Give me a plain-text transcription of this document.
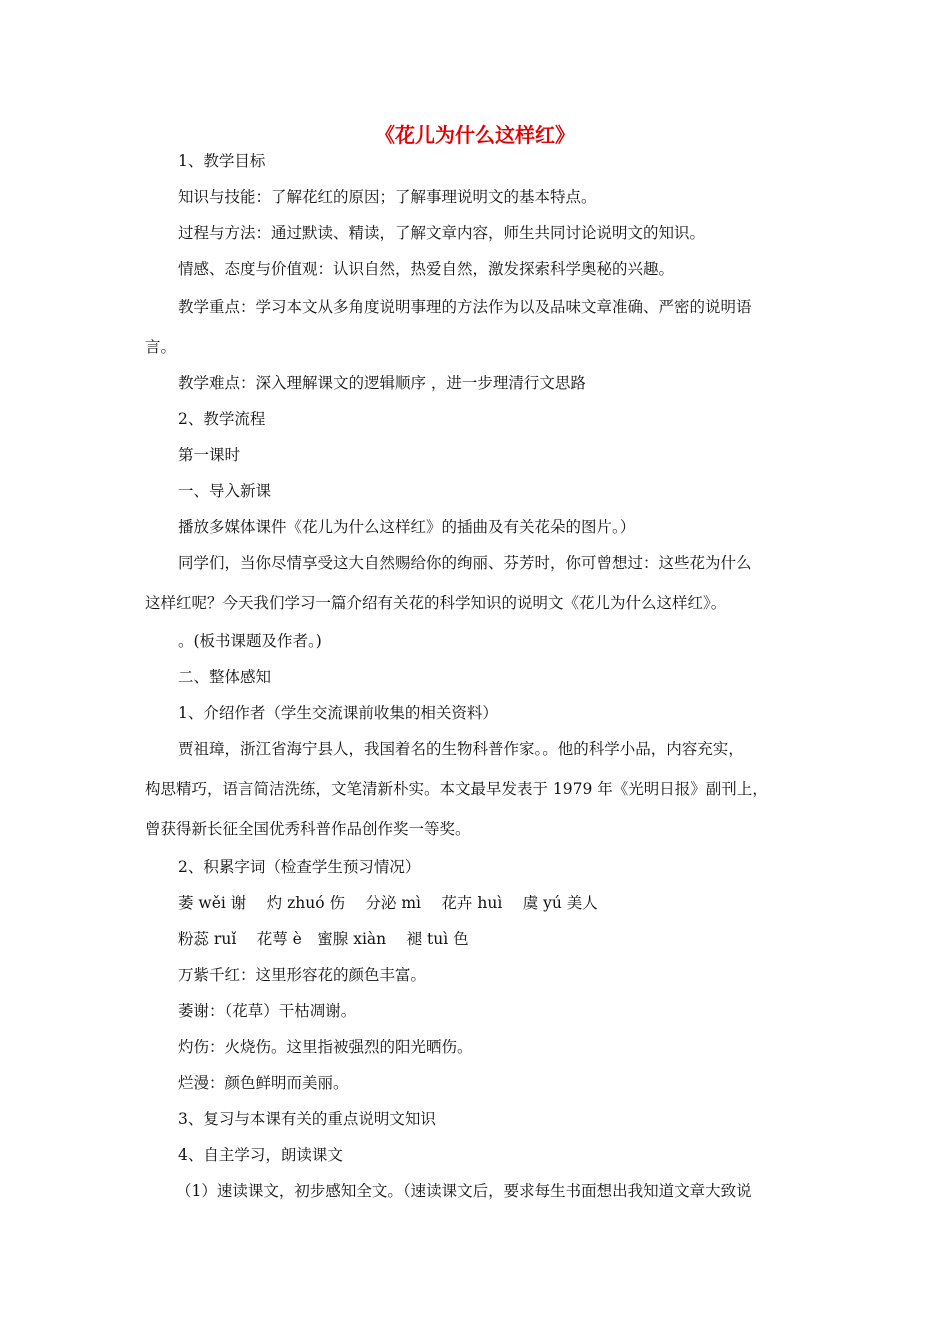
《花儿为什么这样红》

1、教学目标

知识与技能：了解花红的原因；了解事理说明文的基本特点。

过程与方法：通过默读、精读，了解文章内容，师生共同讨论说明文的知识。

情感、态度与价值观：认识自然，热爱自然，激发探索科学奥秘的兴趣。

教学重点：学习本文从多角度说明事理的方法作为以及品味文章准确、严密的说明语

言。

教学难点：深入理解课文的逻辑顺序 ，进一步理清行文思路

2、教学流程

第一课时

一、导入新课

播放多媒体课件《花儿为什么这样红》的插曲及有关花朵的图片。）

同学们，当你尽情享受这大自然赐给你的绚丽、芬芳时，你可曾想过：这些花为什么

这样红呢？今天我们学习一篇介绍有关花的科学知识的说明文《花儿为什么这样红》。

。(板书课题及作者。)

二、整体感知

1、介绍作者（学生交流课前收集的相关资料）

贾祖璋，浙江省海宁县人，我国着名的生物科普作家。。他的科学小品，内容充实，

构思精巧，语言简洁洗练，文笔清新朴实。本文最早发表于 1979 年《光明日报》副刊上，

曾获得新长征全国优秀科普作品创作奖一等奖。

2、积累字词（检查学生预习情况）

萎 wěi 谢　 灼 zhuó 伤　 分泌 mì　 花卉 huì　 虞 yú 美人

粉蕊 ruǐ　 花萼 è　蜜腺 xiàn　 褪 tuì 色

万紫千红：这里形容花的颜色丰富。

萎谢：（花草）干枯凋谢。

灼伤：火烧伤。这里指被强烈的阳光晒伤。

烂漫：颜色鲜明而美丽。

3、复习与本课有关的重点说明文知识

4、自主学习，朗读课文

（1）速读课文，初步感知全文。（速读课文后，要求每生书面想出我知道文章大致说
